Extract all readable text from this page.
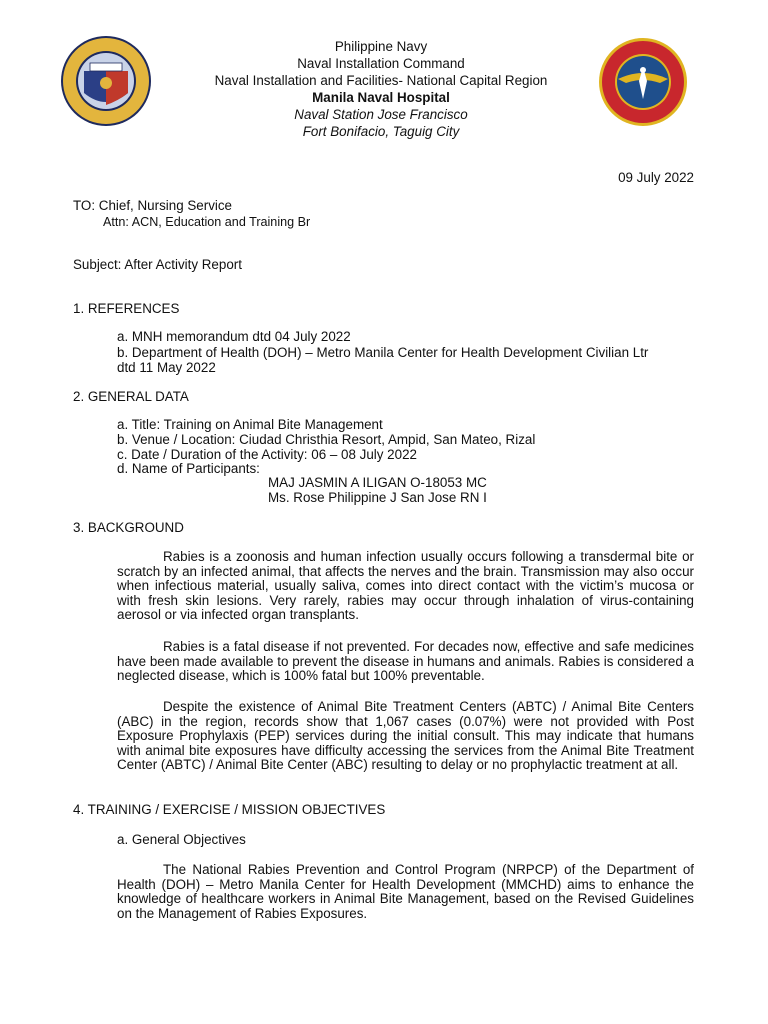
Philippine Navy
Naval Installation Command
Naval Installation and Facilities- National Capital Region
Manila Naval Hospital
Naval Station Jose Francisco
Fort Bonifacio, Taguig City
09 July 2022
TO: Chief, Nursing Service
Attn: ACN, Education and Training Br
Subject: After Activity Report
1. REFERENCES
a. MNH memorandum dtd 04 July 2022
b. Department of Health (DOH) – Metro Manila Center for Health Development Civilian Ltr
dtd 11 May 2022
2. GENERAL DATA
a. Title: Training on Animal Bite Management
b. Venue / Location: Ciudad Christhia Resort, Ampid, San Mateo, Rizal
c. Date / Duration of the Activity: 06 – 08 July 2022
d. Name of Participants:
MAJ JASMIN A ILIGAN O-18053 MC
Ms. Rose Philippine J San Jose RN I
3. BACKGROUND
Rabies is a zoonosis and human infection usually occurs following a transdermal bite or scratch by an infected animal, that affects the nerves and the brain. Transmission may also occur when infectious material, usually saliva, comes into direct contact with the victim’s mucosa or with fresh skin lesions. Very rarely, rabies may occur through inhalation of virus-containing aerosol or via infected organ transplants.
Rabies is a fatal disease if not prevented. For decades now, effective and safe medicines have been made available to prevent the disease in humans and animals. Rabies is considered a neglected disease, which is 100% fatal but 100% preventable.
Despite the existence of Animal Bite Treatment Centers (ABTC) / Animal Bite Centers (ABC) in the region, records show that 1,067 cases (0.07%) were not provided with Post Exposure Prophylaxis (PEP) services during the initial consult. This may indicate that humans with animal bite exposures have difficulty accessing the services from the Animal Bite Treatment Center (ABTC) / Animal Bite Center (ABC) resulting to delay or no prophylactic treatment at all.
4. TRAINING / EXERCISE / MISSION OBJECTIVES
a. General Objectives
The National Rabies Prevention and Control Program (NRPCP) of the Department of Health (DOH) – Metro Manila Center for Health Development (MMCHD) aims to enhance the knowledge of healthcare workers in Animal Bite Management, based on the Revised Guidelines on the Management of Rabies Exposures.
